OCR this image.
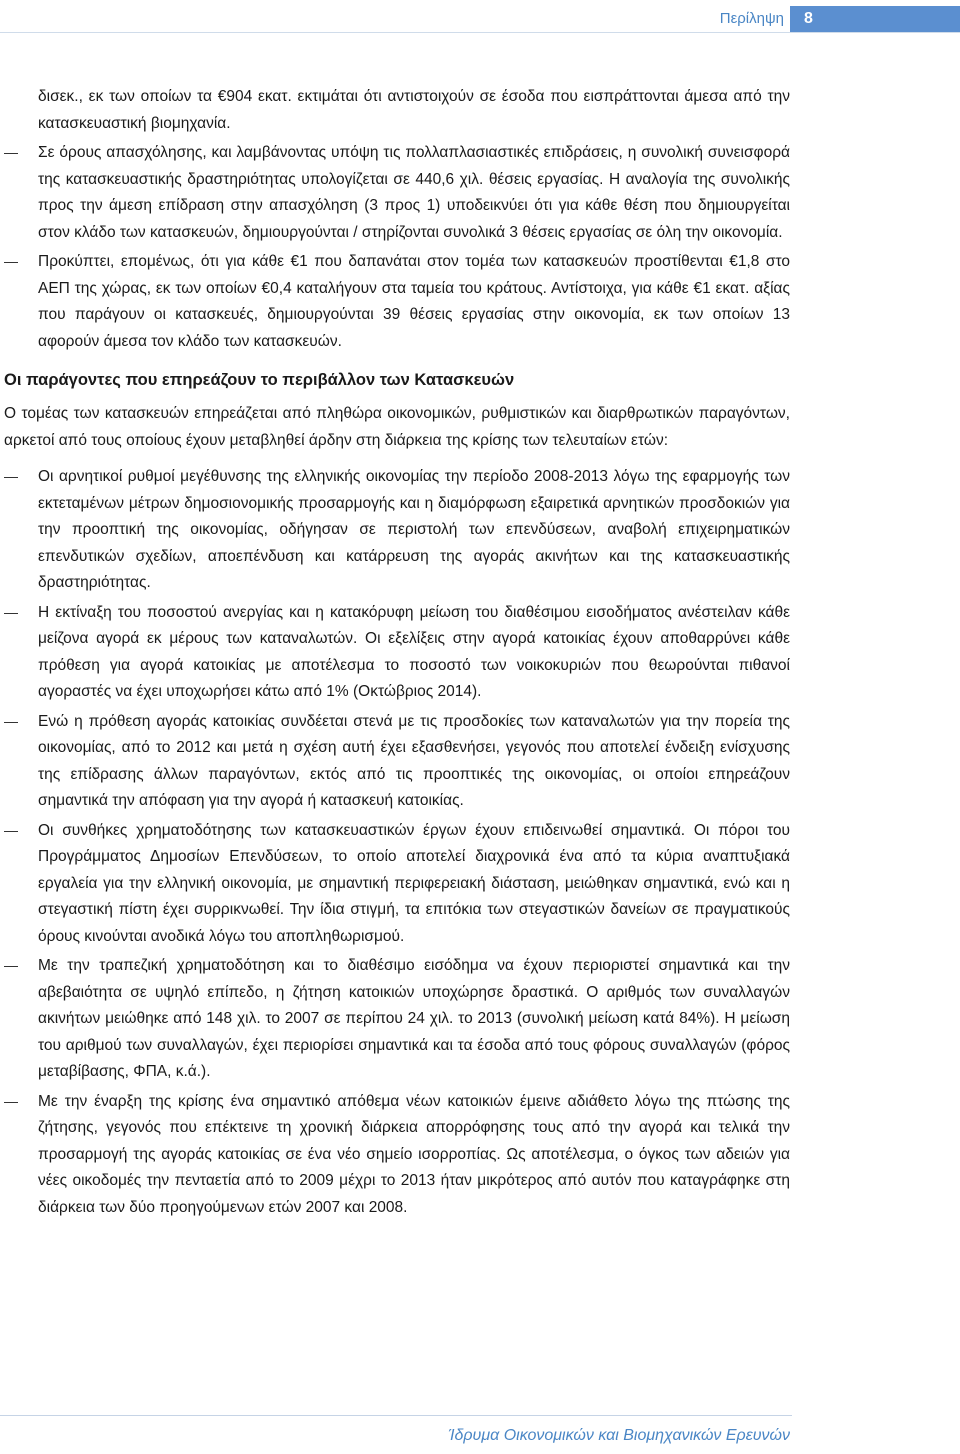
Περίληψη	8

δισεκ., εκ των οποίων τα €904 εκατ. εκτιμάται ότι αντιστοιχούν σε έσοδα που εισπράττονται άμεσα από την κατασκευαστική βιομηχανία.

Σε όρους απασχόλησης, και λαμβάνοντας υπόψη τις πολλαπλασιαστικές επιδράσεις, η συνολική συνεισφορά της κατασκευαστικής δραστηριότητας υπολογίζεται σε 440,6 χιλ. θέσεις εργασίας. Η αναλογία της συνολικής προς την άμεση επίδραση στην απασχόληση (3 προς 1) υποδεικνύει ότι για κάθε θέση που δημιουργείται στον κλάδο των κατασκευών, δημιουργούνται / στηρίζονται συνολικά 3 θέσεις εργασίας σε όλη την οικονομία.
Προκύπτει, επομένως, ότι για κάθε €1 που δαπανάται στον τομέα των κατασκευών προστίθενται €1,8 στο ΑΕΠ της χώρας, εκ των οποίων €0,4 καταλήγουν στα ταμεία του κράτους. Αντίστοιχα, για κάθε €1 εκατ. αξίας που παράγουν οι κατασκευές, δημιουργούνται 39 θέσεις εργασίας στην οικονομία, εκ των οποίων 13 αφορούν άμεσα τον κλάδο των κατασκευών.
Οι παράγοντες που επηρεάζουν το περιβάλλον των Κατασκευών

Ο τομέας των κατασκευών επηρεάζεται από πληθώρα οικονομικών, ρυθμιστικών και διαρθρωτικών παραγόντων, αρκετοί από τους οποίους έχουν μεταβληθεί άρδην στη διάρκεια της κρίσης των τελευταίων ετών:

Οι αρνητικοί ρυθμοί μεγέθυνσης της ελληνικής οικονομίας την περίοδο 2008-2013 λόγω της εφαρμογής των εκτεταμένων μέτρων δημοσιονομικής προσαρμογής και η διαμόρφωση εξαιρετικά αρνητικών προσδοκιών για την προοπτική της οικονομίας, οδήγησαν σε περιστολή των επενδύσεων, αναβολή επιχειρηματικών επενδυτικών σχεδίων, αποεπένδυση και κατάρρευση της αγοράς ακινήτων και της κατασκευαστικής δραστηριότητας.
Η εκτίναξη του ποσοστού ανεργίας και η κατακόρυφη μείωση του διαθέσιμου εισοδήματος ανέστειλαν κάθε μείζονα αγορά εκ μέρους των καταναλωτών. Οι εξελίξεις στην αγορά κατοικίας έχουν αποθαρρύνει κάθε πρόθεση για αγορά κατοικίας με αποτέλεσμα το ποσοστό των νοικοκυριών που θεωρούνται πιθανοί αγοραστές να έχει υποχωρήσει κάτω από 1% (Οκτώβριος 2014).
Ενώ η πρόθεση αγοράς κατοικίας συνδέεται στενά με τις προσδοκίες των καταναλωτών για την πορεία της οικονομίας, από το 2012 και μετά η σχέση αυτή έχει εξασθενήσει, γεγονός που αποτελεί ένδειξη ενίσχυσης της επίδρασης άλλων παραγόντων, εκτός από τις προοπτικές της οικονομίας, οι οποίοι επηρεάζουν σημαντικά την απόφαση για την αγορά ή κατασκευή κατοικίας.
Οι συνθήκες χρηματοδότησης των κατασκευαστικών έργων έχουν επιδεινωθεί σημαντικά. Οι πόροι του Προγράμματος Δημοσίων Επενδύσεων, το οποίο αποτελεί διαχρονικά ένα από τα κύρια αναπτυξιακά εργαλεία για την ελληνική οικονομία, με σημαντική περιφερειακή διάσταση, μειώθηκαν σημαντικά, ενώ και η στεγαστική πίστη έχει συρρικνωθεί. Την ίδια στιγμή, τα επιτόκια των στεγαστικών δανείων σε πραγματικούς όρους κινούνται ανοδικά λόγω του αποπληθωρισμού.
Με την τραπεζική χρηματοδότηση και το διαθέσιμο εισόδημα να έχουν περιοριστεί σημαντικά και την αβεβαιότητα σε υψηλό επίπεδο, η ζήτηση κατοικιών υποχώρησε δραστικά. Ο αριθμός των συναλλαγών ακινήτων μειώθηκε από 148 χιλ. το 2007 σε περίπου 24 χιλ. το 2013 (συνολική μείωση κατά 84%). Η μείωση του αριθμού των συναλλαγών, έχει περιορίσει σημαντικά και τα έσοδα από τους φόρους συναλλαγών (φόρος μεταβίβασης, ΦΠΑ, κ.ά.).
Με την έναρξη της κρίσης ένα σημαντικό απόθεμα νέων κατοικιών έμεινε αδιάθετο λόγω της πτώσης της ζήτησης, γεγονός που επέκτεινε τη χρονική διάρκεια απορρόφησης τους από την αγορά και τελικά την προσαρμογή της αγοράς κατοικίας σε ένα νέο σημείο ισορροπίας. Ως αποτέλεσμα, ο όγκος των αδειών για νέες οικοδομές την πενταετία από το 2009 μέχρι το 2013 ήταν μικρότερος από αυτόν που καταγράφηκε στη διάρκεια των δύο προηγούμενων ετών 2007 και 2008.
Ίδρυμα Οικονομικών και Βιομηχανικών Ερευνών
